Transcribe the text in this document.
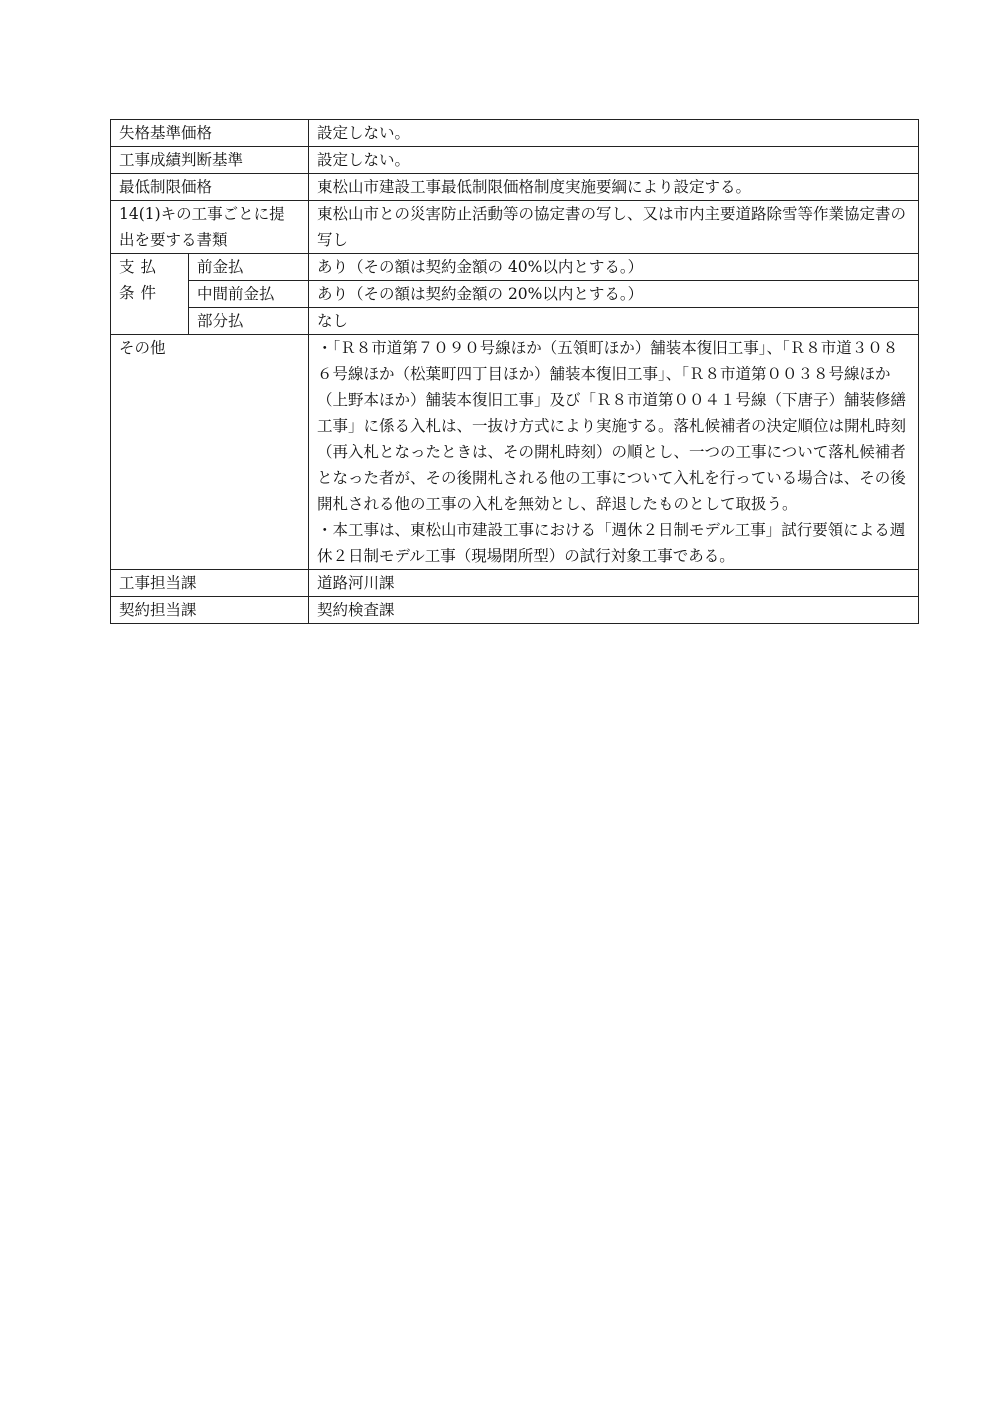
失格基準価格		設定しない。
工事成績判断基準		設定しない。
最低制限価格		東松山市建設工事最低制限価格制度実施要綱により設定する。
14(1)キの工事ごとに提出を要する書類		東松山市との災害防止活動等の協定書の写し、又は市内主要道路除雪等作業協定書の写し
支払条件	前金払	あり（その額は契約金額の 40%以内とする。）
	中間前金払	あり（その額は契約金額の 20%以内とする。）
	部分払	なし
その他		・「Ｒ８市道第７０９０号線ほか（五領町ほか）舗装本復旧工事」、「Ｒ８市道３０８６号線ほか（松葉町四丁目ほか）舗装本復旧工事」、「Ｒ８市道第００３８号線ほか（上野本ほか）舗装本復旧工事」及び「Ｒ８市道第００４１号線（下唐子）舗装修繕工事」に係る入札は、一抜け方式により実施する。落札候補者の決定順位は開札時刻（再入札となったときは、その開札時刻）の順とし、一つの工事について落札候補者となった者が、その後開札される他の工事について入札を行っている場合は、その後開札される他の工事の入札を無効とし、辞退したものとして取扱う。
・本工事は、東松山市建設工事における「週休２日制モデル工事」試行要領による週休２日制モデル工事（現場閉所型）の試行対象工事である。

工事担当課		道路河川課
契約担当課		契約検査課
